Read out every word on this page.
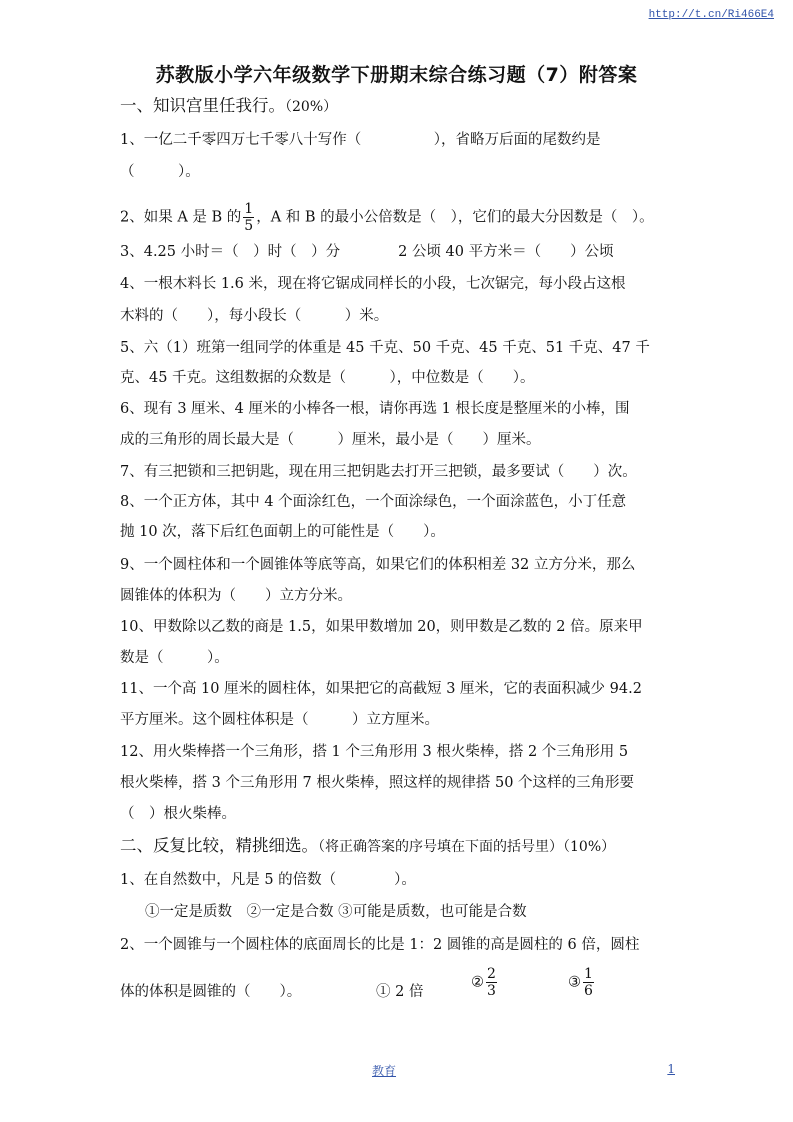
http://t.cn/Ri466E4
苏教版小学六年级数学下册期末综合练习题（7）附答案
一、知识宫里任我行。（20%）
1、一亿二千零四万七千零八十写作（　　　　　），省略万后面的尾数约是
（　　　）。
2、如果 A 是 B 的 $\frac{1}{5}$ ，A 和 B 的最小公倍数是（　），它们的最大分因数是（　）。
3、4.25 小时＝（　）时（　）分　　　　2 公顷 40 平方米＝（　　）公顷
4、一根木料长 1.6 米，现在将它锯成同样长的小段，七次锯完，每小段占这根
木料的（　　），每小段长（　　　）米。
5、六（1）班第一组同学的体重是 45 千克、50 千克、45 千克、51 千克、47 千
克、45 千克。这组数据的众数是（　　　），中位数是（　　）。
6、现有 3 厘米、4 厘米的小棒各一根，请你再选 1 根长度是整厘米的小棒，围
成的三角形的周长最大是（　　　）厘米，最小是（　　）厘米。
7、有三把锁和三把钥匙，现在用三把钥匙去打开三把锁，最多要试（　　）次。
8、一个正方体，其中 4 个面涂红色，一个面涂绿色，一个面涂蓝色，小丁任意
抛 10 次，落下后红色面朝上的可能性是（　　）。
9、一个圆柱体和一个圆锥体等底等高，如果它们的体积相差 32 立方分米，那么
圆锥体的体积为（　　）立方分米。
10、甲数除以乙数的商是 1.5，如果甲数增加 20，则甲数是乙数的 2 倍。原来甲
数是（　　　）。
11、一个高 10 厘米的圆柱体，如果把它的高截短 3 厘米，它的表面积减少 94.2
平方厘米。这个圆柱体积是（　　　）立方厘米。
12、用火柴棒搭一个三角形，搭 1 个三角形用 3 根火柴棒，搭 2 个三角形用 5
根火柴棒，搭 3 个三角形用 7 根火柴棒，照这样的规律搭 50 个这样的三角形要
（　）根火柴棒。
二、反复比较，精挑细选。（将正确答案的序号填在下面的括号里）（10%）
1、在自然数中，凡是 5 的倍数（　　　　）。
①一定是质数　②一定是合数 ③可能是质数，也可能是合数
2、一个圆锥与一个圆柱体的底面周长的比是 1：2 圆锥的高是圆柱的 6 倍，圆柱
体的体积是圆锥的（　　）。	① 2 倍
② $\frac{2}{3}$	③ $\frac{1}{6}$
教育	1
